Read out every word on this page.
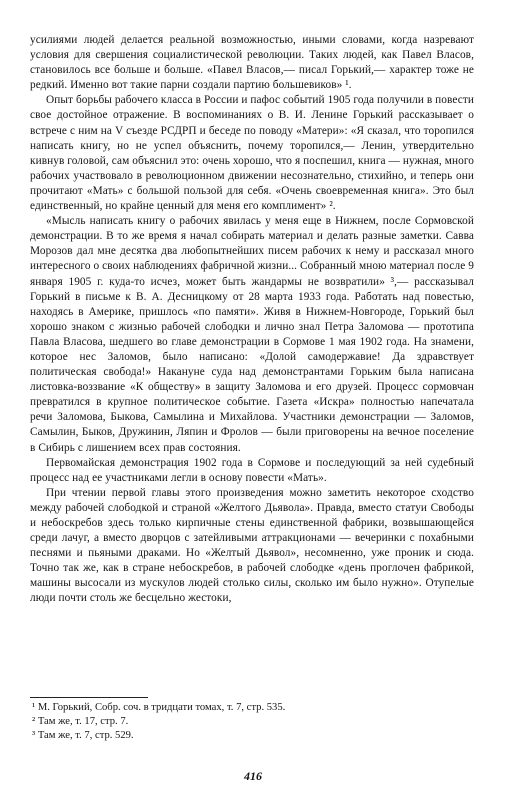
усилиями людей делается реальной возможностью, иными словами, когда назревают условия для свершения социалистической революции. Таких людей, как Павел Власов, становилось все больше и больше. «Павел Власов,— писал Горький,— характер тоже не редкий. Именно вот такие парни создали партию большевиков» ¹.

Опыт борьбы рабочего класса в России и пафос событий 1905 года получили в повести свое достойное отражение. В воспоминаниях о В. И. Ленине Горький рассказывает о встрече с ним на V съезде РСДРП и беседе по поводу «Матери»: «Я сказал, что торопился написать книгу, но не успел объяснить, почему торопился,— Ленин, утвердительно кивнув головой, сам объяснил это: очень хорошо, что я поспешил, книга — нужная, много рабочих участвовало в революционном движении несознательно, стихийно, и теперь они прочитают «Мать» с большой пользой для себя. «Очень своевременная книга». Это был единственный, но крайне ценный для меня его комплимент» ².

«Мысль написать книгу о рабочих явилась у меня еще в Нижнем, после Сормовской демонстрации. В то же время я начал собирать материал и делать разные заметки. Савва Морозов дал мне десятка два любопытнейших писем рабочих к нему и рассказал много интересного о своих наблюдениях фабричной жизни... Собранный мною материал после 9 января 1905 г. куда-то исчез, может быть жандармы не возвратили» ³,— рассказывал Горький в письме к В. А. Десницкому от 28 марта 1933 года. Работать над повестью, находясь в Америке, пришлось «по памяти». Живя в Нижнем-Новгороде, Горький был хорошо знаком с жизнью рабочей слободки и лично знал Петра Заломова — прототипа Павла Власова, шедшего во главе демонстрации в Сормове 1 мая 1902 года. На знамени, которое нес Заломов, было написано: «Долой самодержавие! Да здравствует политическая свобода!» Накануне суда над демонстрантами Горьким была написана листовка-воззвание «К обществу» в защиту Заломова и его друзей. Процесс сормовчан превратился в крупное политическое событие. Газета «Искра» полностью напечатала речи Заломова, Быкова, Самылина и Михайлова. Участники демонстрации — Заломов, Самылин, Быков, Дружинин, Ляпин и Фролов — были приговорены на вечное поселение в Сибирь с лишением всех прав состояния.

Первомайская демонстрация 1902 года в Сормове и последующий за ней судебный процесс над ее участниками легли в основу повести «Мать».

При чтении первой главы этого произведения можно заметить некоторое сходство между рабочей слободкой и страной «Желтого Дьявола». Правда, вместо статуи Свободы и небоскребов здесь только кирпичные стены единственной фабрики, возвышающейся среди лачуг, а вместо дворцов с затейливыми аттракционами — вечеринки с похабными песнями и пьяными драками. Но «Желтый Дьявол», несомненно, уже проник и сюда. Точно так же, как в стране небоскребов, в рабочей слободке «день проглочен фабрикой, машины высосали из мускулов людей столько силы, сколько им было нужно». Отупелые люди почти столь же бесцельно жестоки,

¹ М. Горький, Собр. соч. в тридцати томах, т. 7, стр. 535.
² Там же, т. 17, стр. 7.
³ Там же, т. 7, стр. 529.
416
